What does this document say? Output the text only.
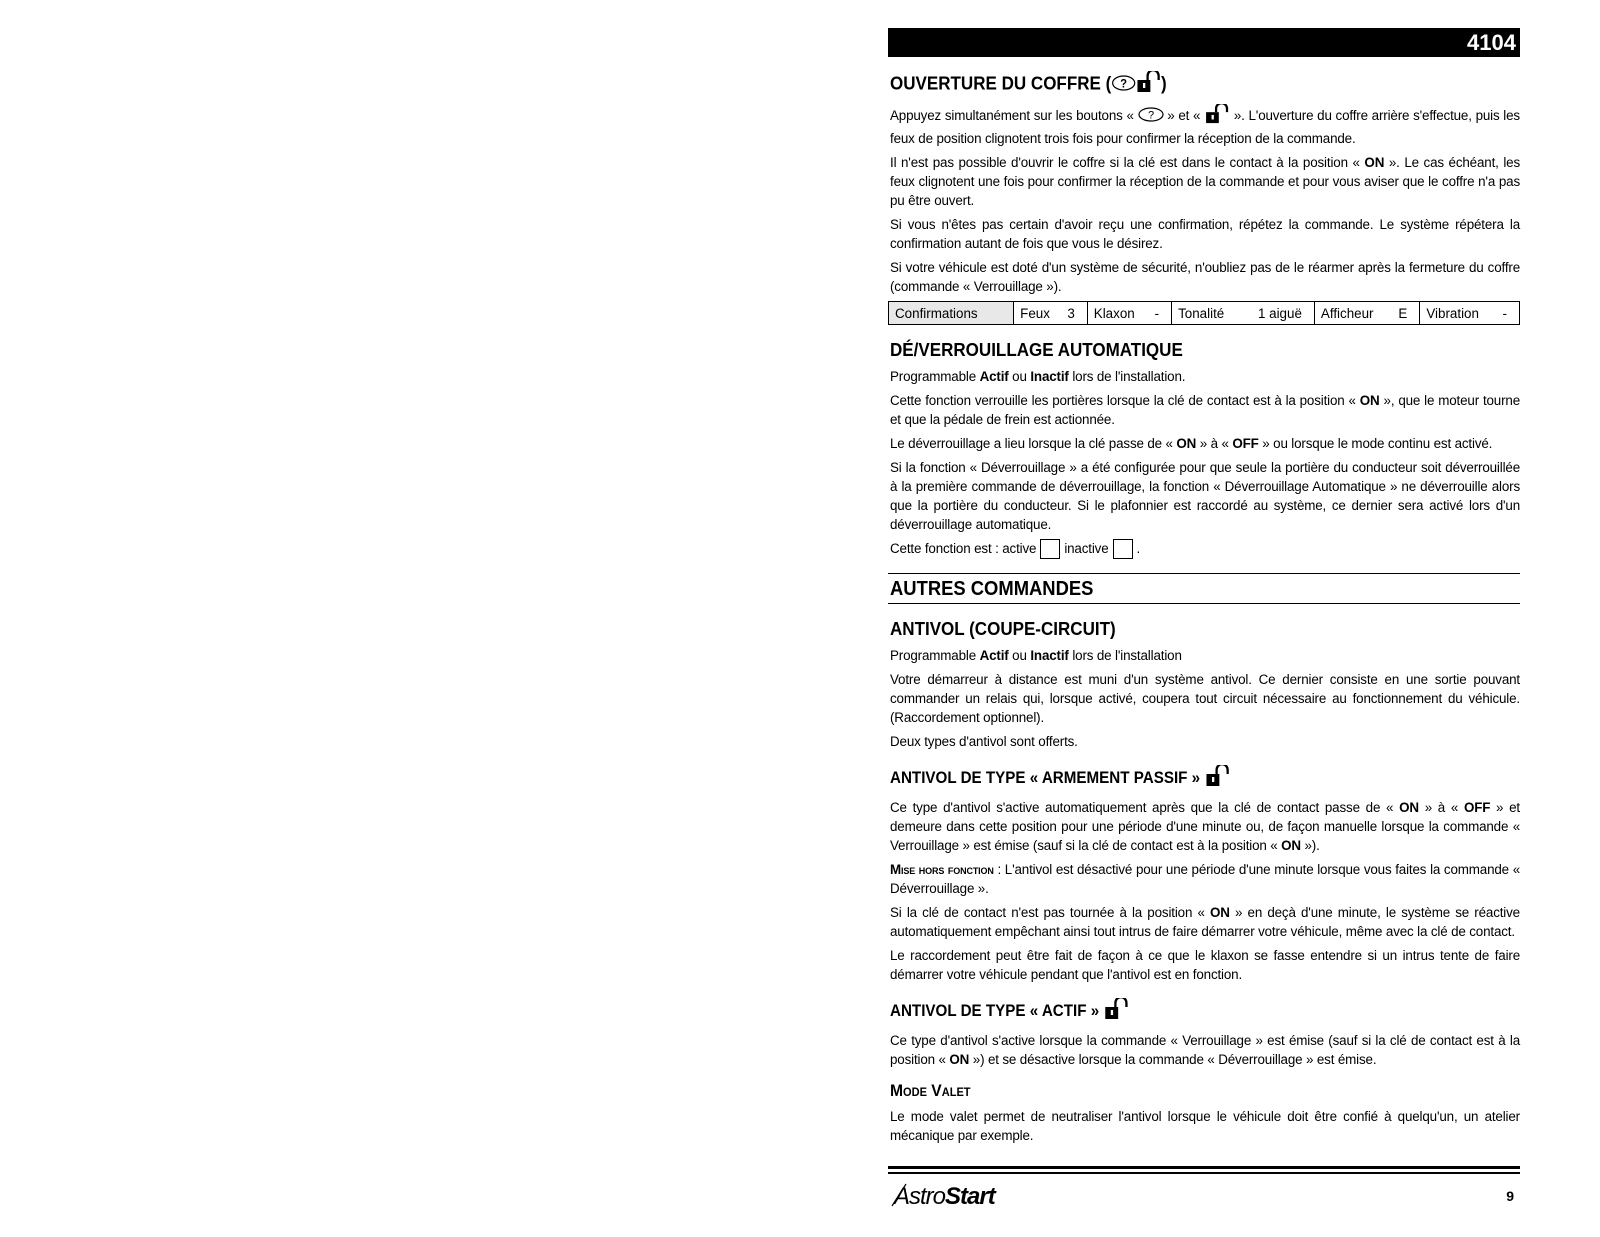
4104
OUVERTURE DU COFFRE ( ? )

Appuyez simultanément sur les boutons « ? » et «  ». L'ouverture du coffre arrière s'effectue, puis les feux de position clignotent trois fois pour confirmer la réception de la commande.

Il n'est pas possible d'ouvrir le coffre si la clé est dans le contact à la position « ON ». Le cas échéant, les feux clignotent une fois pour confirmer la réception de la commande et pour vous aviser que le coffre n'a pas pu être ouvert.

Si vous n'êtes pas certain d'avoir reçu une confirmation, répétez la commande. Le système répétera la confirmation autant de fois que vous le désirez.

Si votre véhicule est doté d'un système de sécurité, n'oubliez pas de le réarmer après la fermeture du coffre (commande « Verrouillage »).

Confirmations	Feux 3	Klaxon -	Tonalité	1 aiguë	Afficheur E	Vibration -
DÉ/VERROUILLAGE AUTOMATIQUE

Programmable Actif ou Inactif lors de l'installation.

Cette fonction verrouille les portières lorsque la clé de contact est à la position « ON », que le moteur tourne et que la pédale de frein est actionnée.

Le déverrouillage a lieu lorsque la clé passe de « ON » à « OFF » ou lorsque le mode continu est activé.

Si la fonction « Déverrouillage » a été configurée pour que seule la portière du conducteur soit déverrouillée à la première commande de déverrouillage, la fonction « Déverrouillage Automatique » ne déverrouille alors que la portière du conducteur. Si le plafonnier est raccordé au système, ce dernier sera activé lors d'un déverrouillage automatique.

Cette fonction est : active inactive .

AUTRES COMMANDES
ANTIVOL (COUPE-CIRCUIT)

Programmable Actif ou Inactif lors de l'installation

Votre démarreur à distance est muni d'un système antivol. Ce dernier consiste en une sortie pouvant commander un relais qui, lorsque activé, coupera tout circuit nécessaire au fonctionnement du véhicule. (Raccordement optionnel).

Deux types d'antivol sont offerts.

ANTIVOL DE TYPE « ARMEMENT PASSIF »

Ce type d'antivol s'active automatiquement après que la clé de contact passe de « ON » à « OFF » et demeure dans cette position pour une période d'une minute ou, de façon manuelle lorsque la commande « Verrouillage » est émise (sauf si la clé de contact est à la position « ON »).

Mise hors fonction : L'antivol est désactivé pour une période d'une minute lorsque vous faites la commande « Déverrouillage ».

Si la clé de contact n'est pas tournée à la position « ON » en deçà d'une minute, le système se réactive automatiquement empêchant ainsi tout intrus de faire démarrer votre véhicule, même avec la clé de contact.

Le raccordement peut être fait de façon à ce que le klaxon se fasse entendre si un intrus tente de faire démarrer votre véhicule pendant que l'antivol est en fonction.

ANTIVOL DE TYPE « ACTIF »

Ce type d'antivol s'active lorsque la commande « Verrouillage » est émise (sauf si la clé de contact est à la position « ON ») et se désactive lorsque la commande « Déverrouillage » est émise.

Mode Valet

Le mode valet permet de neutraliser l'antivol lorsque le véhicule doit être confié à quelqu'un, un atelier mécanique par exemple.

AstroStart	9
